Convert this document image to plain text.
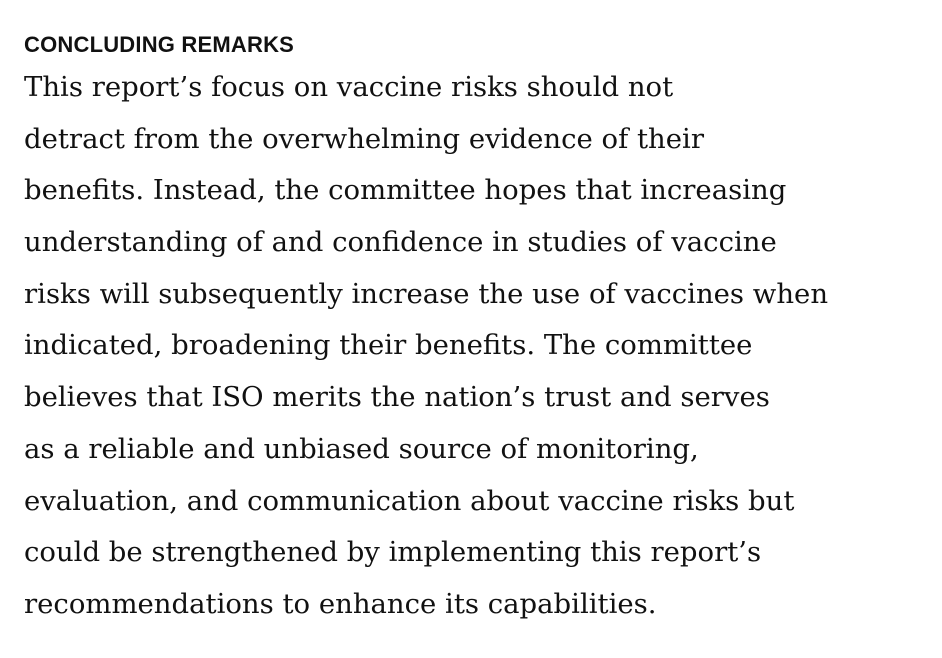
CONCLUDING REMARKS
This report’s focus on vaccine risks should not
detract from the overwhelming evidence of their
benefits. Instead, the committee hopes that increasing
understanding of and confidence in studies of vaccine
risks will subsequently increase the use of vaccines when
indicated, broadening their benefits. The committee
believes that ISO merits the nation’s trust and serves
as a reliable and unbiased source of monitoring,
evaluation, and communication about vaccine risks but
could be strengthened by implementing this report’s
recommendations to enhance its capabilities.
